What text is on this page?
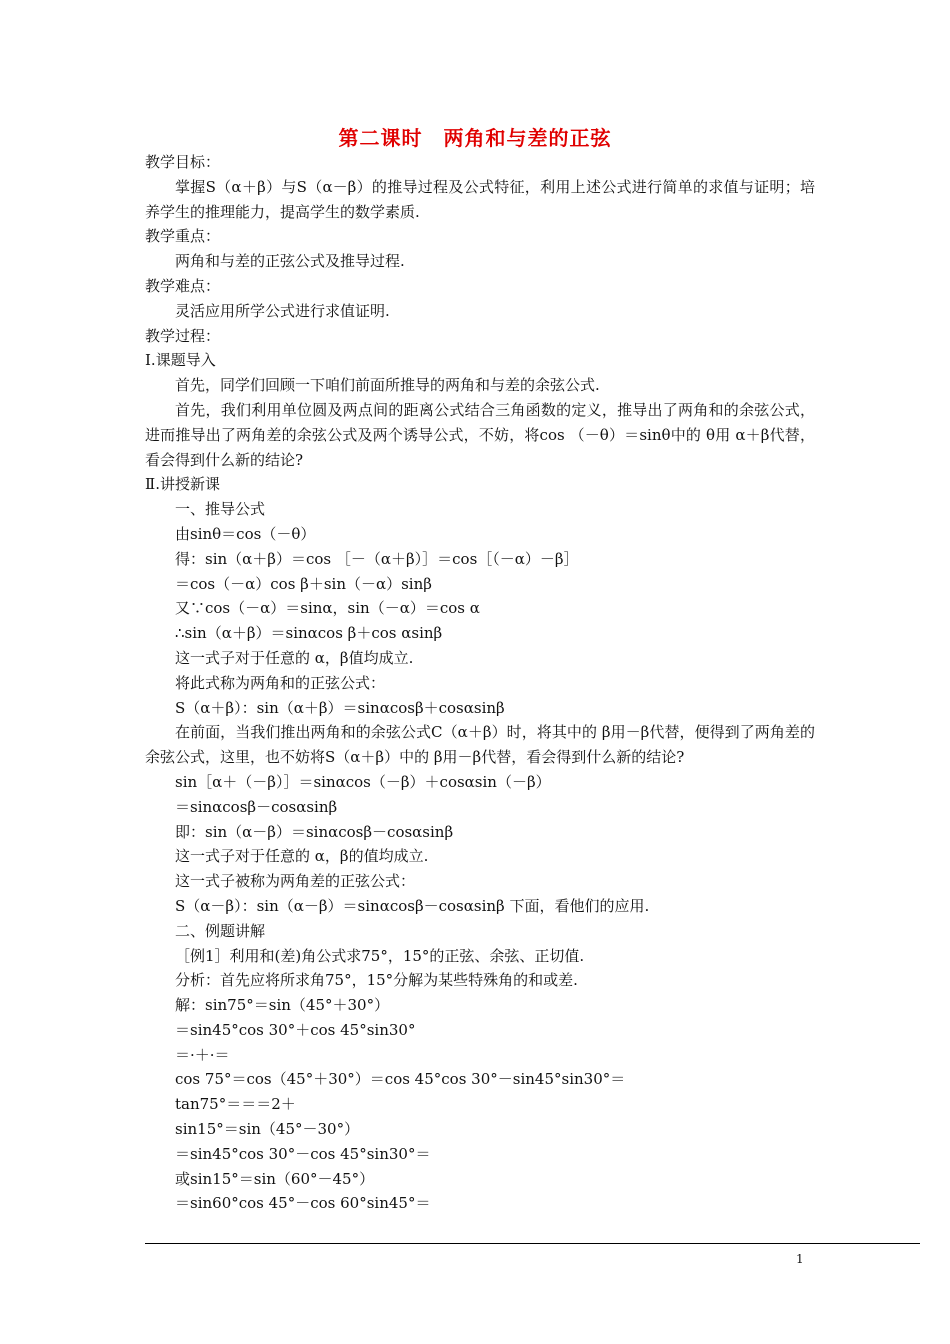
第二课时　两角和与差的正弦

教学目标：

掌握S（α＋β）与S（α－β）的推导过程及公式特征，利用上述公式进行简单的求值与证明；培养学生的推理能力，提高学生的数学素质.

教学重点：

两角和与差的正弦公式及推导过程.

教学难点：

灵活应用所学公式进行求值证明.

教学过程：

Ⅰ.课题导入

首先，同学们回顾一下咱们前面所推导的两角和与差的余弦公式.

首先，我们利用单位圆及两点间的距离公式结合三角函数的定义，推导出了两角和的余弦公式，进而推导出了两角差的余弦公式及两个诱导公式，不妨，将cos （－θ）＝sinθ中的 θ用 α＋β代替，看会得到什么新的结论?

Ⅱ.讲授新课

一、推导公式

由sinθ＝cos（－θ）

得：sin（α＋β）＝cos ［－（α＋β）］＝cos［（－α）－β］

＝cos（－α）cos β＋sin（－α）sinβ

又∵cos（－α）＝sinα，sin（－α）＝cos α

∴sin（α＋β）＝sinαcos β＋cos αsinβ

这一式子对于任意的 α，β值均成立.

将此式称为两角和的正弦公式：

S（α＋β）：sin（α＋β）＝sinαcosβ＋cosαsinβ

在前面，当我们推出两角和的余弦公式C（α＋β）时，将其中的 β用－β代替，便得到了两角差的余弦公式，这里，也不妨将S（α＋β）中的 β用－β代替，看会得到什么新的结论?

sin［α＋（－β）］＝sinαcos（－β）＋cosαsin（－β）

＝sinαcosβ－cosαsinβ

即：sin（α－β）＝sinαcosβ－cosαsinβ

这一式子对于任意的 α，β的值均成立.

这一式子被称为两角差的正弦公式：

S（α－β）：sin（α－β）＝sinαcosβ－cosαsinβ 下面，看他们的应用.

二、例题讲解

［例1］利用和(差)角公式求75°，15°的正弦、余弦、正切值.

分析：首先应将所求角75°，15°分解为某些特殊角的和或差.

解：sin75°＝sin（45°＋30°）

＝sin45°cos 30°＋cos 45°sin30°

＝·＋·＝

cos 75°＝cos（45°＋30°）＝cos 45°cos 30°－sin45°sin30°＝

tan75°＝＝＝2＋

sin15°＝sin（45°－30°）

＝sin45°cos 30°－cos 45°sin30°＝

或sin15°＝sin（60°－45°）

＝sin60°cos 45°－cos 60°sin45°＝

1
